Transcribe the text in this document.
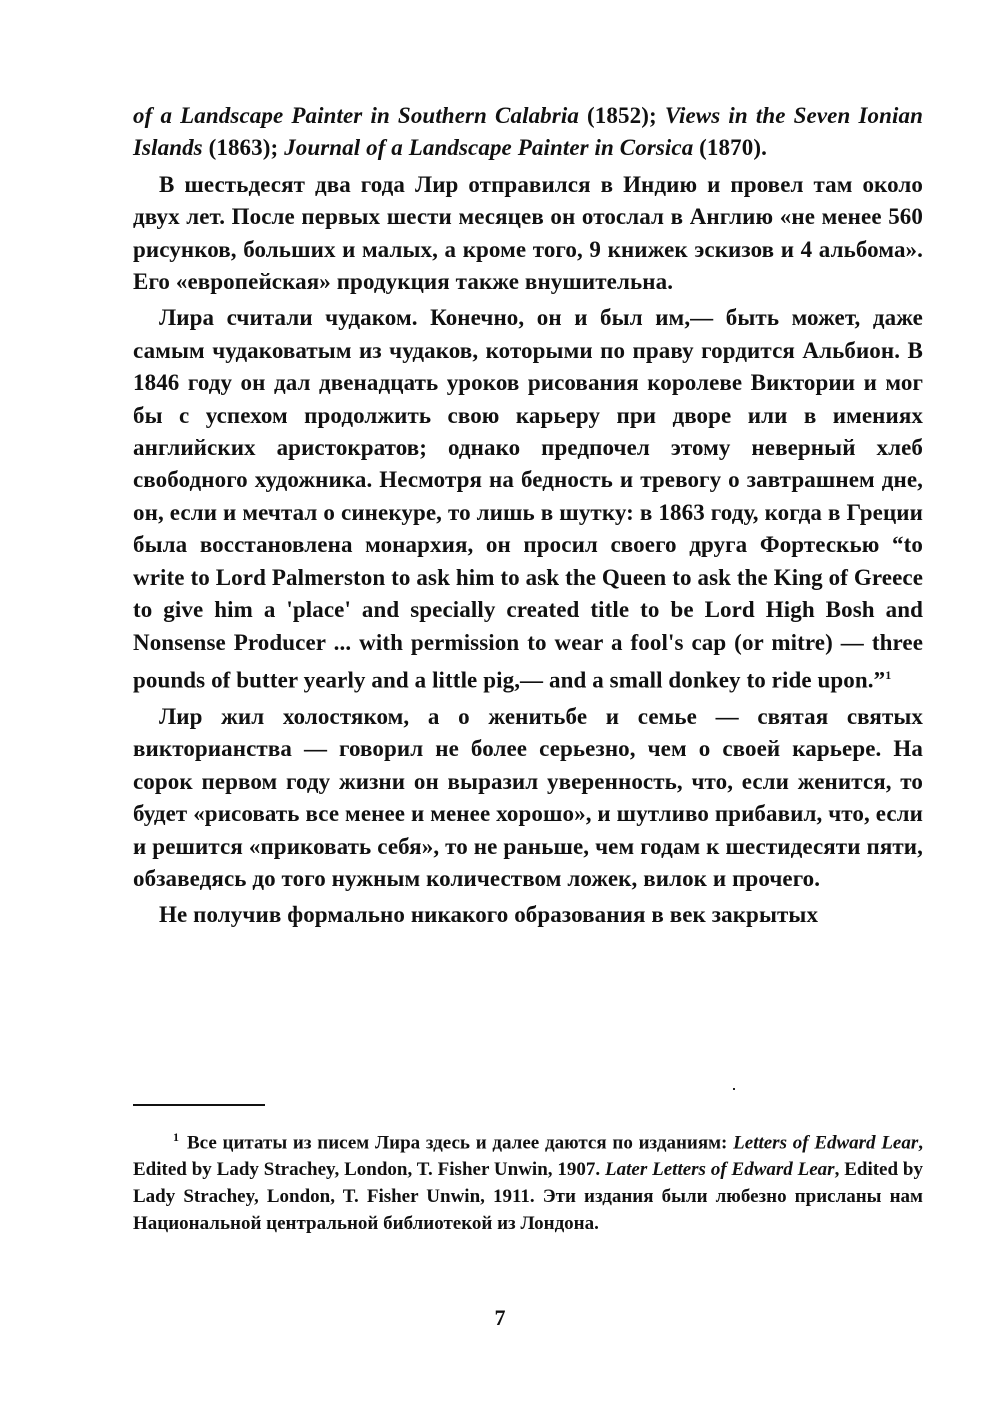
of a Landscape Painter in Southern Calabria (1852); Views in the Seven Ionian Islands (1863); Journal of a Landscape Painter in Corsica (1870).

В шестьдесят два года Лир отправился в Индию и провел там около двух лет. После первых шести месяцев он отослал в Англию «не менее 560 рисунков, больших и малых, а кроме того, 9 книжек эскизов и 4 альбома». Его «европейская» продукция также внушительна.

Лира считали чудаком. Конечно, он и был им,— быть может, даже самым чудаковатым из чудаков, которыми по праву гордится Альбион. В 1846 году он дал двенадцать уроков рисования королеве Виктории и мог бы с успехом продолжить свою карьеру при дворе или в имениях английских аристократов; однако предпочел этому неверный хлеб свободного художника. Несмотря на бедность и тревогу о завтрашнем дне, он, если и мечтал о синекуре, то лишь в шутку: в 1863 году, когда в Греции была восстановлена монархия, он просил своего друга Фортескью “to write to Lord Palmerston to ask him to ask the Queen to ask the King of Greece to give him a 'place' and specially created title to be Lord High Bosh and Nonsense Producer ... with permission to wear a fool's cap (or mitre) — three pounds of butter yearly and a little pig,— and a small donkey to ride upon.”$^1$

Лир жил холостяком, а о женитьбе и семье — святая святых викторианства — говорил не более серьезно, чем о своей карьере. На сорок первом году жизни он выразил уверенность, что, если женится, то будет «рисовать все менее и менее хорошо», и шутливо прибавил, что, если и решится «приковать себя», то не раньше, чем годам к шестидесяти пяти, обзаведясь до того нужным количеством ложек, вилок и прочего.

Не получив формально никакого образования в век закрытых

$^1$ Все цитаты из писем Лира здесь и далее даются по изданиям: Letters of Edward Lear, Edited by Lady Strachey, London, T. Fisher Unwin, 1907. Later Letters of Edward Lear, Edited by Lady Strachey, London, T. Fisher Unwin, 1911. Эти издания были любезно присланы нам Национальной центральной библиотекой из Лондона.

7
